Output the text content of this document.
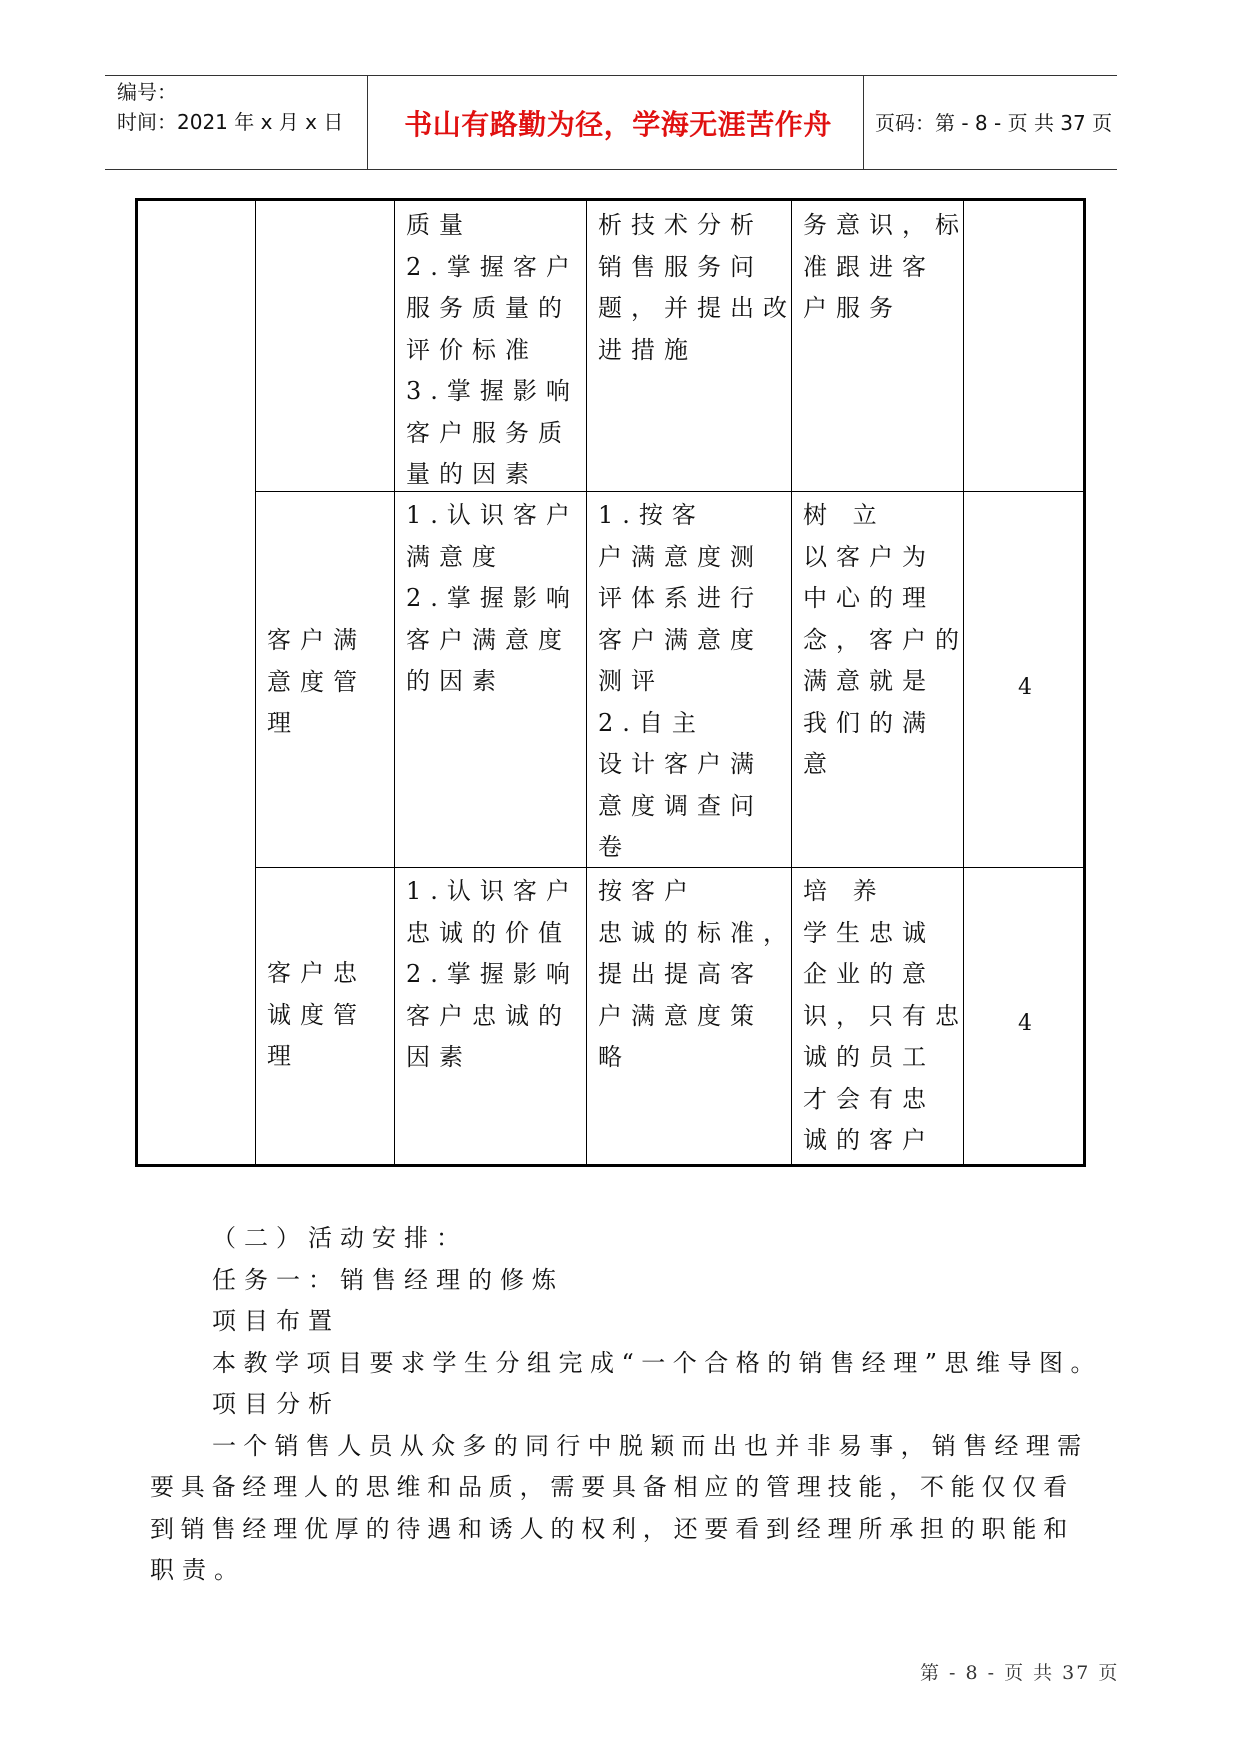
编号：
时间：2021 年 x 月 x 日	书山有路勤为径，学海无涯苦作舟	页码：第 - 8 - 页 共 37 页
质量
2.掌握客户
服务质量的
评价标准
3.掌握影响
客户服务质
量的因素
析技术分析
销售服务问
题，并提出改
进措施
务意识，标
准跟进客
户服务
客户满
意度管
理
1.认识客户
满意度
2.掌握影响
客户满意度
的因素
1.按客
户满意度测
评体系进行
客户满意度
测评
2.自主
设计客户满
意度调查问
卷
树 立
以客户为
中心的理
念，客户的
满意就是
我们的满
意
4
客户忠
诚度管
理
1.认识客户
忠诚的价值
2.掌握影响
客户忠诚的
因素
按客户
忠诚的标准，
提出提高客
户满意度策
略
培 养
学生忠诚
企业的意
识，只有忠
诚的员工
才会有忠
诚的客户
4
（二）活动安排：
任务一：销售经理的修炼
项目布置
本教学项目要求学生分组完成“一个合格的销售经理”思维导图。
项目分析
一个销售人员从众多的同行中脱颖而出也并非易事，销售经理需
要具备经理人的思维和品质，需要具备相应的管理技能，不能仅仅看
到销售经理优厚的待遇和诱人的权利，还要看到经理所承担的职能和
职责。
第 - 8 - 页 共 37 页
